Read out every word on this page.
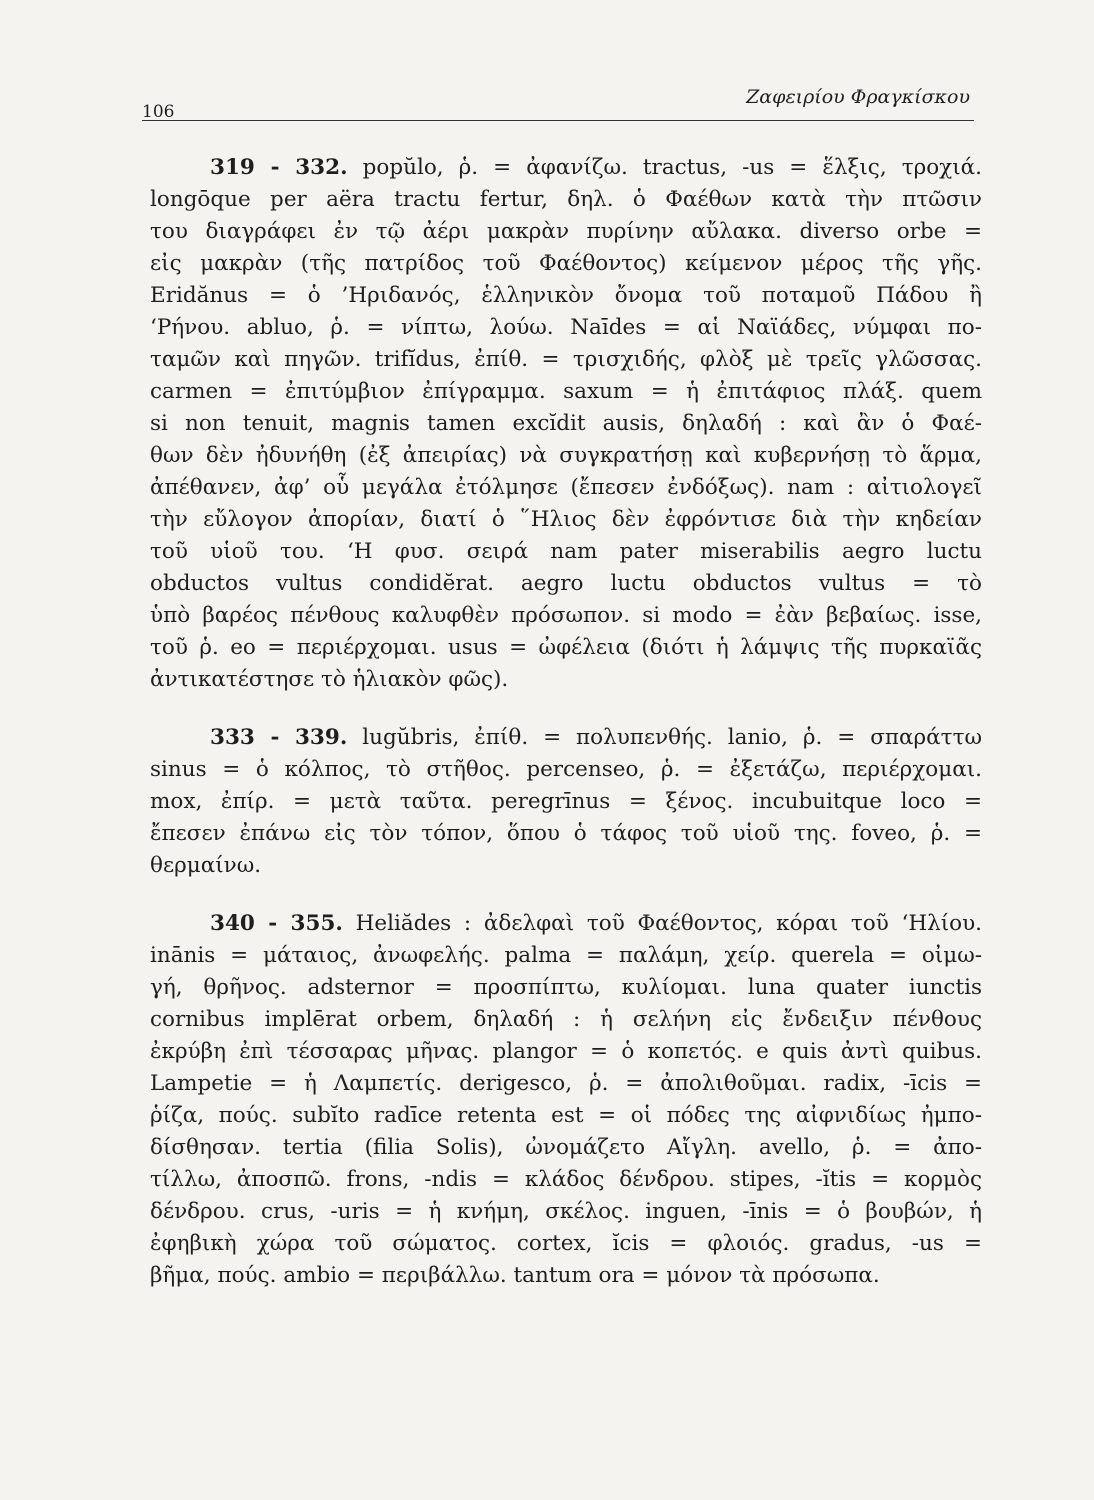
106
Ζαφειρίου Φραγκίσκου
319 - 332. popŭlo, ῥ. = ἀφανίζω. tractus, -us = ἕλξις, τροχιά.
longōque per aëra tractu fertur, δηλ. ὁ Φαέθων κατὰ τὴν πτῶσιν
του διαγράφει ἐν τῷ ἀέρι μακρὰν πυρίνην αὔλακα. diverso orbe =
εἰς μακρὰν (τῆς πατρίδος τοῦ Φαέθοντος) κείμενον μέρος τῆς γῆς.
Eridănus = ὁ ’Ηριδανός, ἑλληνικὸν ὄνομα τοῦ ποταμοῦ Πάδου ἢ
‘Ρήνου. abluo, ῥ. = νίπτω, λούω. Naīdes = αἱ Ναϊάδες, νύμφαι πο-
ταμῶν καὶ πηγῶν. trifĭdus, ἐπίθ. = τρισχιδής, φλὸξ μὲ τρεῖς γλῶσσας.
carmen = ἐπιτύμβιον ἐπίγραμμα. saxum = ἡ ἐπιτάφιος πλάξ. quem
si non tenuit, magnis tamen excĭdit ausis, δηλαδή : καὶ ἂν ὁ Φαέ-
θων δὲν ἠδυνήθη (ἐξ ἀπειρίας) νὰ συγκρατήσῃ καὶ κυβερνήσῃ τὸ ἅρμα,
ἀπέθανεν, ἀφ’ οὗ μεγάλα ἐτόλμησε (ἔπεσεν ἐνδόξως). nam : αἰτιολογεῖ
τὴν εὔλογον ἀπορίαν, διατί ὁ ῞Ηλιος δὲν ἐφρόντισε διὰ τὴν κηδείαν
τοῦ υἱοῦ του. ‘Η φυσ. σειρά nam pater miserabilis aegro luctu
obductos vultus condidĕrat. aegro luctu obductos vultus = τὸ
ὑπὸ βαρέος πένθους καλυφθὲν πρόσωπον. si modo = ἐὰν βεβαίως. isse,
τοῦ ῥ. eo = περιέρχομαι. usus = ὠφέλεια (διότι ἡ λάμψις τῆς πυρκαϊᾶς
ἀντικατέστησε τὸ ἡλιακὸν φῶς).
333 - 339. lugŭbris, ἐπίθ. = πολυπενθής. lanio, ῥ. = σπαράττω
sinus = ὁ κόλπος, τὸ στῆθος. percenseo, ῥ. = ἐξετάζω, περιέρχομαι.
mox, ἐπίρ. = μετὰ ταῦτα. peregrīnus = ξένος. incubuitque loco =
ἔπεσεν ἐπάνω εἰς τὸν τόπον, ὅπου ὁ τάφος τοῦ υἱοῦ της. foveo, ῥ. =
θερμαίνω.
340 - 355. Heliădes : ἀδελφαὶ τοῦ Φαέθοντος, κόραι τοῦ ‘Ηλίου.
inānis = μάταιος, ἀνωφελής. palma = παλάμη, χείρ. querela = οἰμω-
γή, θρῆνος. adsternor = προσπίπτω, κυλίομαι. luna quater iunctis
cornibus implērat orbem, δηλαδή : ἡ σελήνη εἰς ἔνδειξιν πένθους
ἐκρύβη ἐπὶ τέσσαρας μῆνας. plangor = ὁ κοπετός. e quis ἀντὶ quibus.
Lampetie = ἡ Λαμπετίς. derigesco, ῥ. = ἀπολιθοῦμαι. radix, -īcis =
ῥίζα, πούς. subĭto radīce retenta est = οἱ πόδες της αἰφνιδίως ἠμπο-
δίσθησαν. tertia (filia Solis), ὠνομάζετο Αἴγλη. avello, ῥ. = ἀπο-
τίλλω, ἀποσπῶ. frons, -ndis = κλάδος δένδρου. stipes, -ĭtis = κορμὸς
δένδρου. crus, -uris = ἡ κνήμη, σκέλος. inguen, -īnis = ὁ βουβών, ἡ
ἐφηβικὴ χώρα τοῦ σώματος. cortex, ĭcis = φλοιός. gradus, -us =
βῆμα, πούς. ambio = περιβάλλω. tantum ora = μόνον τὰ πρόσωπα.
